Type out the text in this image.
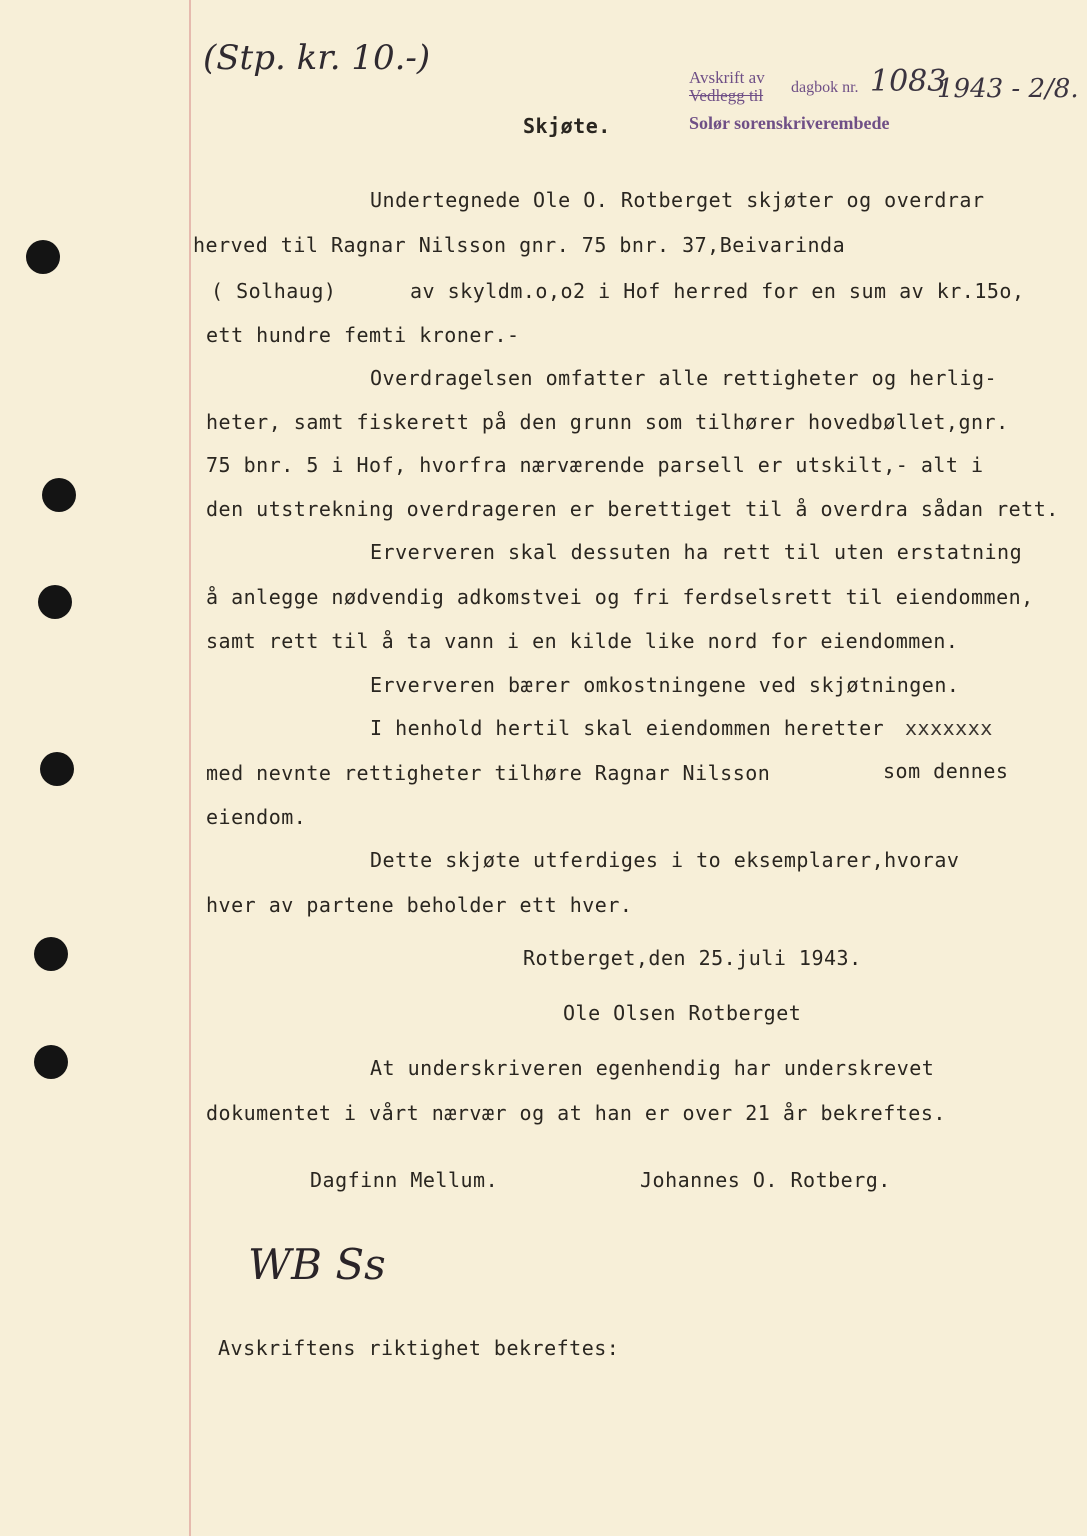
(Stp. kr. 10.-)	Avskrift av
Vedlegg til dagbok nr. 1083
1943 - 2/8.
Solør sorenskriverembede
Skjøte.
Undertegnede Ole O. Rotberget skjøter og overdrar
herved til Ragnar Nilsson gnr. 75 bnr. 37,Beivarinda
( Solhaug)	av skyldm.o,o2 i Hof herred for en sum av kr.15o,
ett hundre femti kroner.-
Overdragelsen omfatter alle rettigheter og herlig-
heter, samt fiskerett på den grunn som tilhører hovedbøllet,gnr.
75 bnr. 5 i Hof, hvorfra nærværende parsell er utskilt,- alt i
den utstrekning overdrageren er berettiget til å overdra sådan rett.
Erververen skal dessuten ha rett til uten erstatning
å anlegge nødvendig adkomstvei og fri ferdselsrett til eiendommen,
samt rett til å ta vann i en kilde like nord for eiendommen.
Erververen bærer omkostningene ved skjøtningen.
I henhold hertil skal eiendommen heretter xxxxxxx
med nevnte rettigheter tilhøre Ragnar Nilsson	som dennes
eiendom.
Dette skjøte utferdiges i to eksemplarer,hvorav
hver av partene beholder ett hver.
Rotberget,den 25.juli 1943.
Ole Olsen Rotberget
At underskriveren egenhendig har underskrevet
dokumentet i vårt nærvær og at han er over 21 år bekreftes.
Dagfinn Mellum.	Johannes O. Rotberg.
WB Ss
Avskriftens riktighet bekreftes:
